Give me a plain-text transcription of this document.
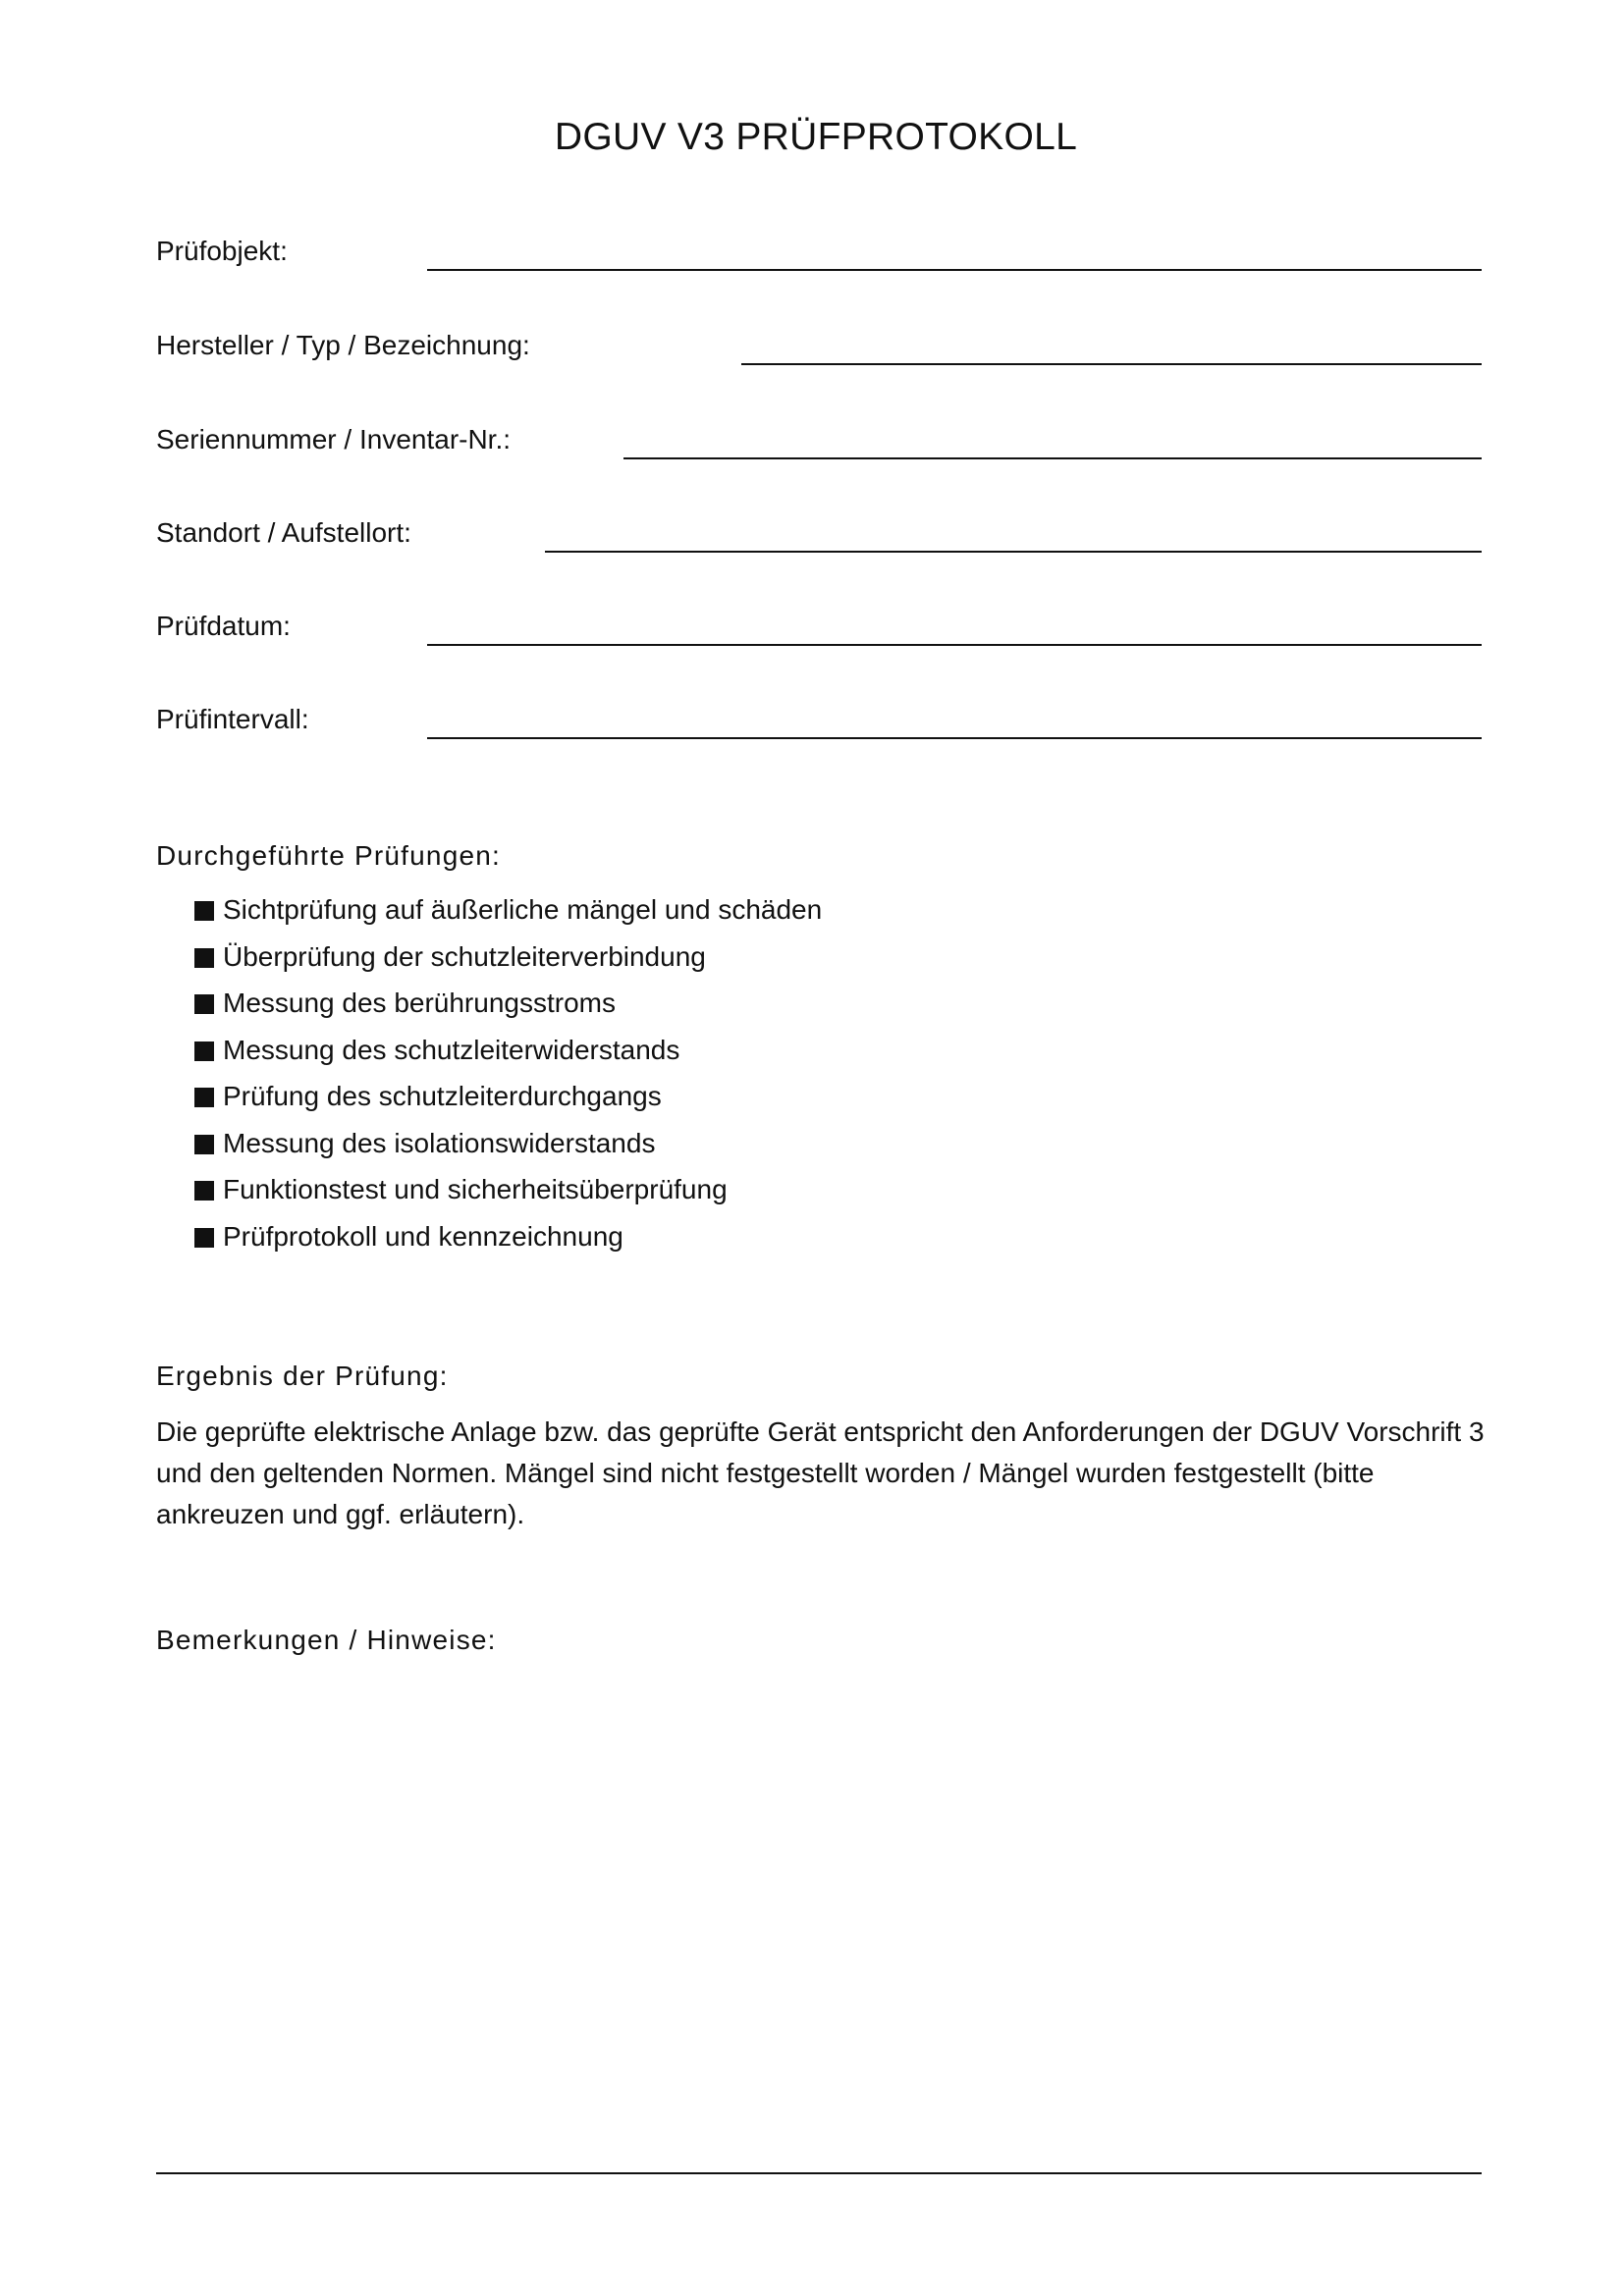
DGUV V3 PRÜFPROTOKOLL
Prüfobjekt:
Hersteller / Typ / Bezeichnung:
Seriennummer / Inventar-Nr.:
Standort / Aufstellort:
Prüfdatum:
Prüfintervall:
Durchgeführte Prüfungen:
Sichtprüfung auf äußerliche mängel und schäden
Überprüfung der schutzleiterverbindung
Messung des berührungsstroms
Messung des schutzleiterwiderstands
Prüfung des schutzleiterdurchgangs
Messung des isolationswiderstands
Funktionstest und sicherheitsüberprüfung
Prüfprotokoll und kennzeichnung
Ergebnis der Prüfung:

Die geprüfte elektrische Anlage bzw. das geprüfte Gerät entspricht den Anforderungen der DGUV Vorschrift 3 und den geltenden Normen. Mängel sind nicht festgestellt worden / Mängel wurden festgestellt (bitte ankreuzen und ggf. erläutern).

Bemerkungen / Hinweise:
